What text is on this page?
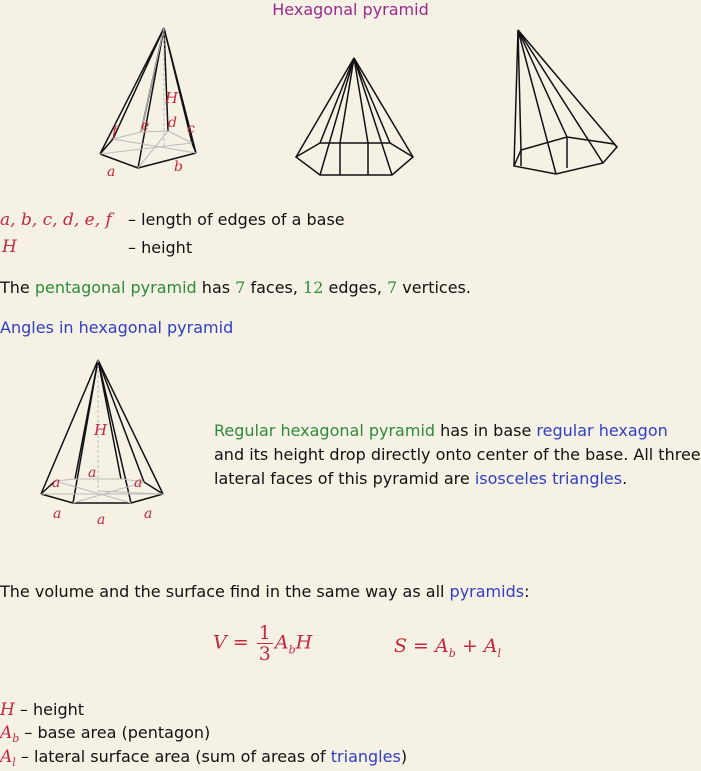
Hexagonal pyramid
a	b
c
d
e
f
H
a, b, c, d, e, f – length of edges of a base
H	– height
The pentagonal pyramid has 7 faces, 12 edges, 7 vertices.
Angles in hexagonal pyramid
a
a
a
a	a	a
H	Regular hexagonal pyramid has in base regular hexagon and its height drop directly onto center of the base. All three lateral faces of this pyramid are isosceles triangles.
The volume and the surface find in the same way as all pyramids:
$V = \frac{1}{3} A_bH$	$S = A_b + A_l$
H – height
$A_b$ – base area (pentagon)
$A_l$ – lateral surface area (sum of areas of triangles)
